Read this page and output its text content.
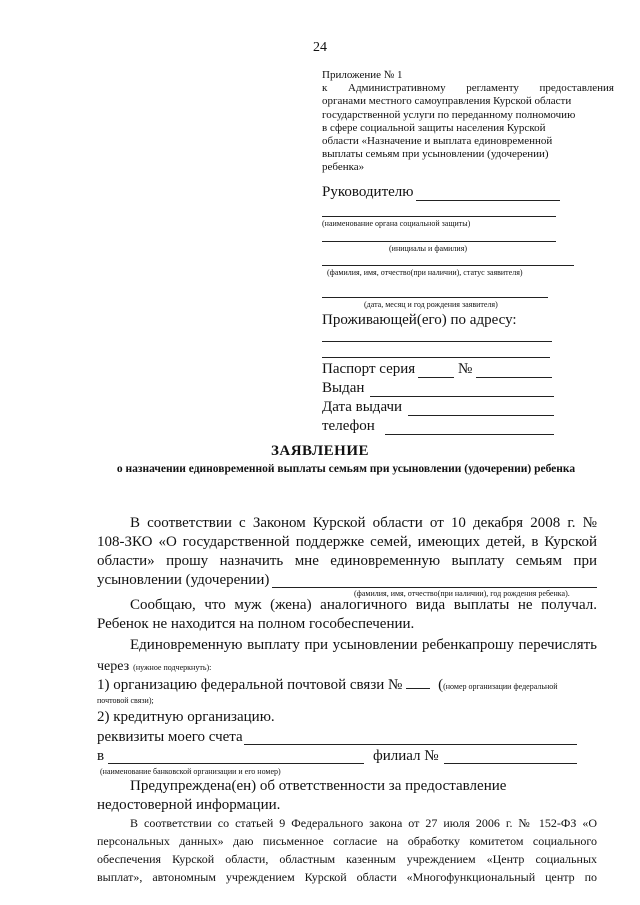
24
Приложение № 1
к Административному регламенту предоставления
органами местного самоуправления Курской области
государственной услуги по переданному полномочию
в сфере социальной защиты населения Курской
области «Назначение и выплата единовременной
выплаты семьям при усыновлении (удочерении)
ребенка»
Руководителю
(наименование органа социальной защиты)
(инициалы и фамилия)
(фамилия, имя, отчество(при наличии), статус заявителя)
(дата, месяц и год рождения заявителя)
Проживающей(его) по адресу:
Паспорт серия	№
Выдан
Дата выдачи
телефон
ЗАЯВЛЕНИЕ
о назначении единовременной выплаты семьям при усыновлении (удочерении) ребенка
В соответствии с Законом Курской области от 10 декабря 2008 г. №
108-ЗКО «О государственной поддержке семей, имеющих детей, в Курской
области» прошу назначить мне единовременную выплату семьям при
усыновлении (удочерении)
(фамилия, имя, отчество(при наличии), год рождения ребенка).
Сообщаю, что муж (жена) аналогичного вида выплаты не получал.
Ребенок не находится на полном гособеспечении.
Единовременную выплату при усыновлении ребенкапрошу перечислять
через (нужное подчеркнуть):
1) организацию федеральной почтовой связи №   ((номер организации федеральной
почтовой связи);
2) кредитную организацию.
реквизиты моего счета
в	филиал №
(наименование банковской организации и его номер)
Предупреждена(ен) об ответственности за предоставление
недостоверной информации.
В соответствии со статьей 9 Федерального закона от 27 июля 2006 г. № 152-ФЗ «О
персональных данных» даю письменное согласие на обработку комитетом социального
обеспечения Курской области, областным казенным учреждением «Центр социальных
выплат», автономным учреждением Курской области «Многофункциональный центр по
